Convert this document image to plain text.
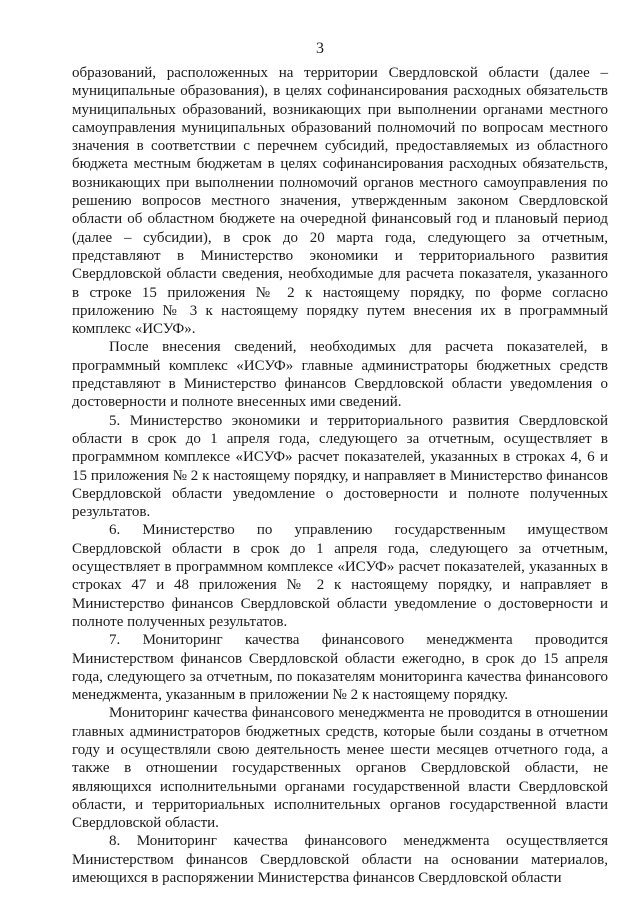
3

образований, расположенных на территории Свердловской области (далее – муниципальные образования), в целях софинансирования расходных обязательств муниципальных образований, возникающих при выполнении органами местного самоуправления муниципальных образований полномочий по вопросам местного значения в соответствии с перечнем субсидий, предоставляемых из областного бюджета местным бюджетам в целях софинансирования расходных обязательств, возникающих при выполнении полномочий органов местного самоуправления по решению вопросов местного значения, утвержденным законом Свердловской области об областном бюджете на очередной финансовый год и плановый период (далее – субсидии), в срок до 20 марта года, следующего за отчетным, представляют в Министерство экономики и территориального развития Свердловской области сведения, необходимые для расчета показателя, указанного в строке 15 приложения № 2 к настоящему порядку, по форме согласно приложению № 3 к настоящему порядку путем внесения их в программный комплекс «ИСУФ».

После внесения сведений, необходимых для расчета показателей, в программный комплекс «ИСУФ» главные администраторы бюджетных средств представляют в Министерство финансов Свердловской области уведомления о достоверности и полноте внесенных ими сведений.

5. Министерство экономики и территориального развития Свердловской области в срок до 1 апреля года, следующего за отчетным, осуществляет в программном комплексе «ИСУФ» расчет показателей, указанных в строках 4, 6 и 15 приложения № 2 к настоящему порядку, и направляет в Министерство финансов Свердловской области уведомление о достоверности и полноте полученных результатов.

6. Министерство по управлению государственным имуществом Свердловской области в срок до 1 апреля года, следующего за отчетным, осуществляет в программном комплексе «ИСУФ» расчет показателей, указанных в строках 47 и 48 приложения № 2 к настоящему порядку, и направляет в Министерство финансов Свердловской области уведомление о достоверности и полноте полученных результатов.

7. Мониторинг качества финансового менеджмента проводится Министерством финансов Свердловской области ежегодно, в срок до 15 апреля года, следующего за отчетным, по показателям мониторинга качества финансового менеджмента, указанным в приложении № 2 к настоящему порядку.

Мониторинг качества финансового менеджмента не проводится в отношении главных администраторов бюджетных средств, которые были созданы в отчетном году и осуществляли свою деятельность менее шести месяцев отчетного года, а также в отношении государственных органов Свердловской области, не являющихся исполнительными органами государственной власти Свердловской области, и территориальных исполнительных органов государственной власти Свердловской области.

8. Мониторинг качества финансового менеджмента осуществляется Министерством финансов Свердловской области на основании материалов, имеющихся в распоряжении Министерства финансов Свердловской области
